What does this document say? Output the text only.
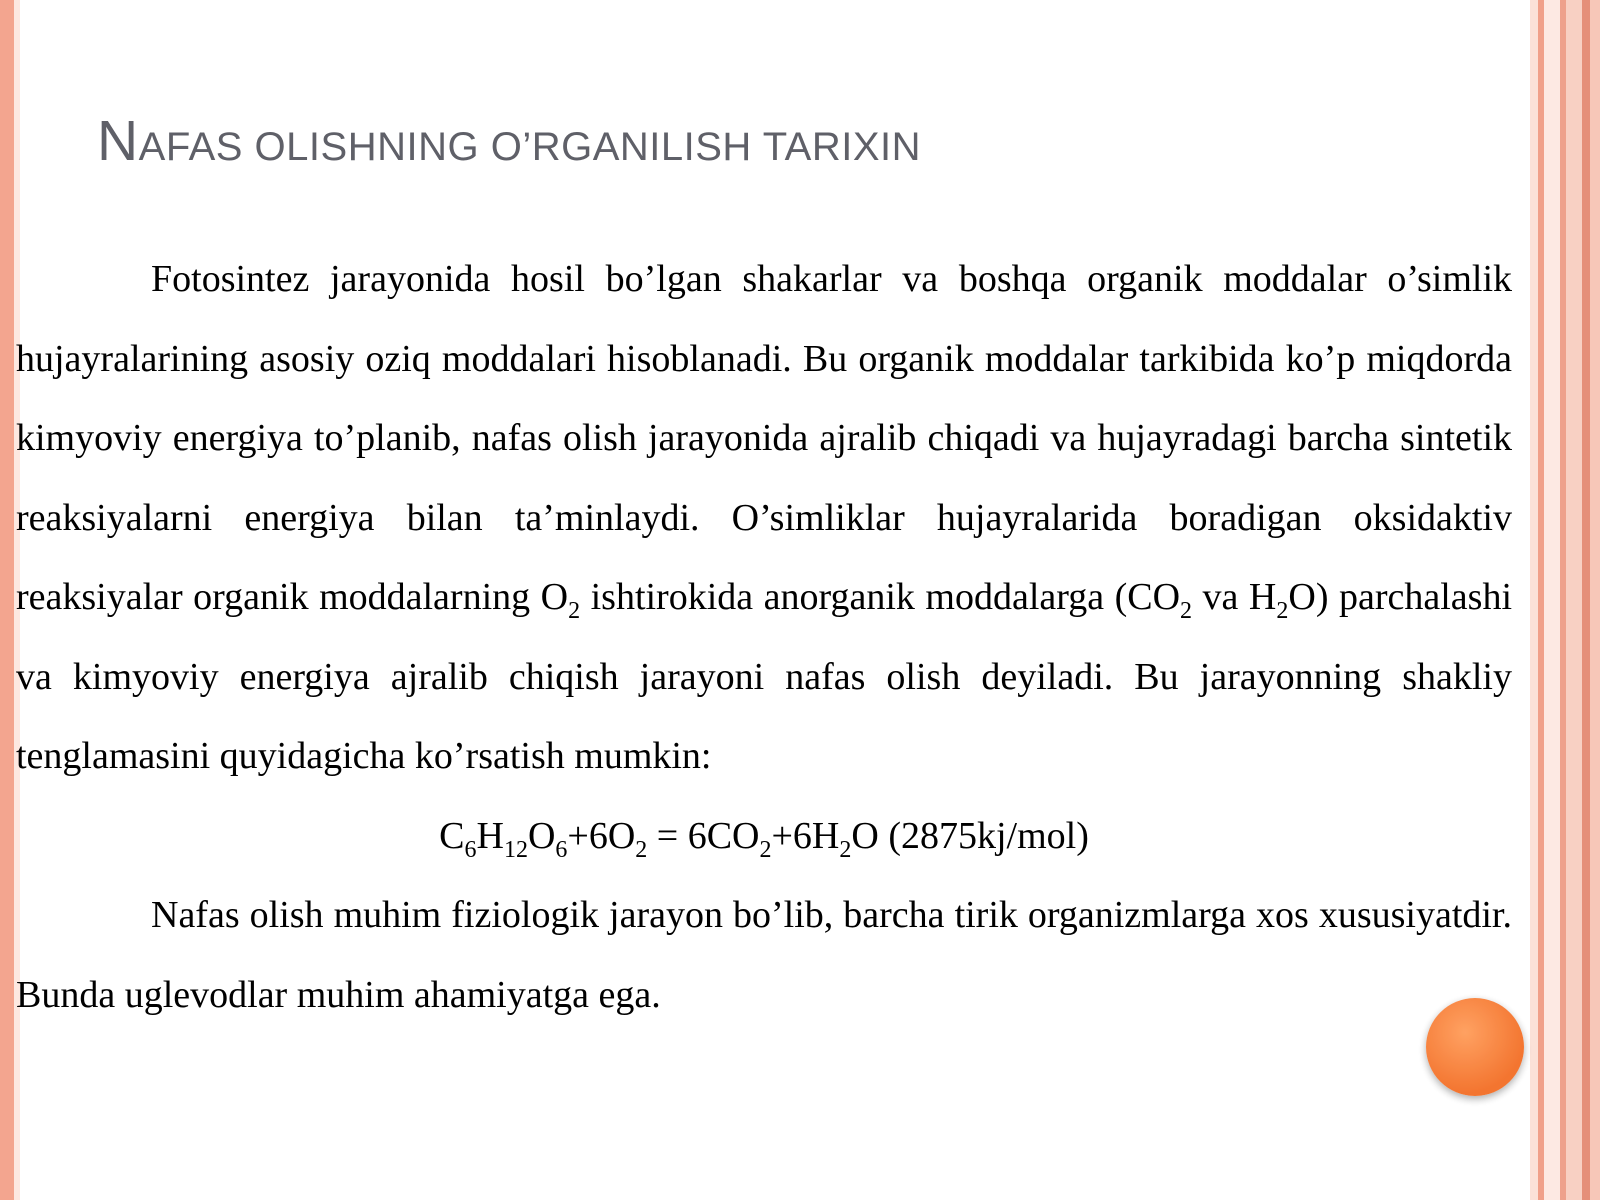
NAFAS OLISHNING O’RGANILISH TARIXIN

Fotosintez jarayonida hosil bo’lgan shakarlar va boshqa organik moddalar o’simlik hujayralarining asosiy oziq moddalari hisoblanadi. Bu organik moddalar tarkibida ko’p miqdorda kimyoviy energiya to’planib, nafas olish jarayonida ajralib chiqadi va hujayradagi barcha sintetik reaksiyalarni energiya bilan ta’minlaydi. O’simliklar hujayralarida boradigan oksidaktiv reaksiyalar organik moddalarning $O_2$ ishtirokida anorganik moddalarga ($CO_2$ va $H_2O$) parchalashi va kimyoviy energiya ajralib chiqish jarayoni nafas olish deyiladi. Bu jarayonning shakliy tenglamasini quyidagicha ko’rsatish mumkin:

$C_6H_{12}O_6+6O_2 = 6CO_2+6H_2O$ (2875kj/mol)

Nafas olish muhim fiziologik jarayon bo’lib, barcha tirik organizmlarga xos xususiyatdir. Bunda uglevodlar muhim ahamiyatga ega.
